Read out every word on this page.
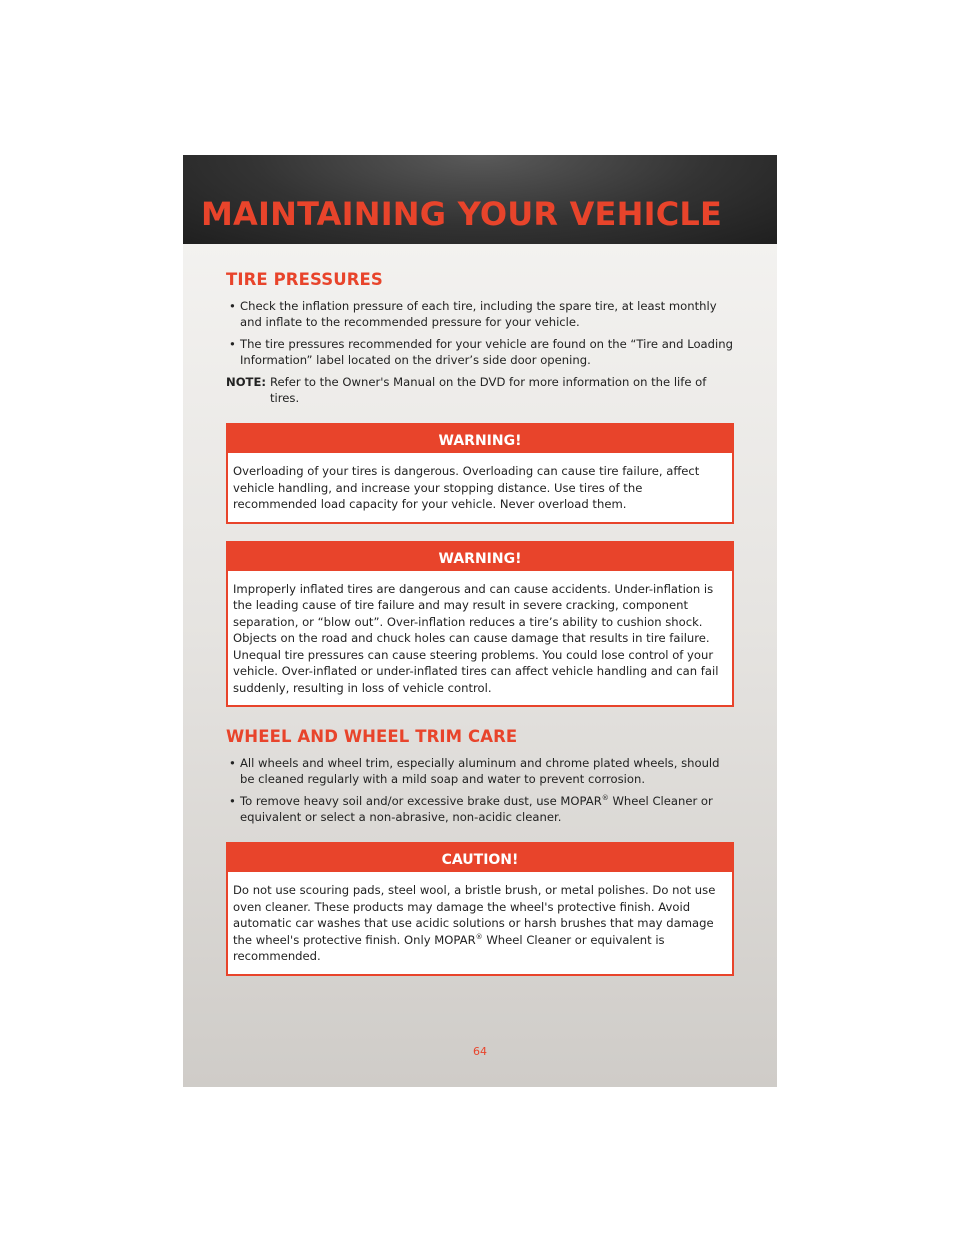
MAINTAINING YOUR VEHICLE
TIRE PRESSURES
• Check the inflation pressure of each tire, including the spare tire, at least monthly and inflate to the recommended pressure for your vehicle.
• The tire pressures recommended for your vehicle are found on the “Tire and Loading Information” label located on the driver’s side door opening.
NOTE: Refer to the Owner's Manual on the DVD for more information on the life of tires.
WARNING!
Overloading of your tires is dangerous. Overloading can cause tire failure, affect vehicle handling, and increase your stopping distance. Use tires of the recommended load capacity for your vehicle. Never overload them.
WARNING!
Improperly inflated tires are dangerous and can cause accidents. Under-inflation is the leading cause of tire failure and may result in severe cracking, component separation, or “blow out”. Over-inflation reduces a tire’s ability to cushion shock. Objects on the road and chuck holes can cause damage that results in tire failure. Unequal tire pressures can cause steering problems. You could lose control of your vehicle. Over-inflated or under-inflated tires can affect vehicle handling and can fail suddenly, resulting in loss of vehicle control.
WHEEL AND WHEEL TRIM CARE
• All wheels and wheel trim, especially aluminum and chrome plated wheels, should be cleaned regularly with a mild soap and water to prevent corrosion.
• To remove heavy soil and/or excessive brake dust, use MOPAR® Wheel Cleaner or equivalent or select a non-abrasive, non-acidic cleaner.
CAUTION!
Do not use scouring pads, steel wool, a bristle brush, or metal polishes. Do not use oven cleaner. These products may damage the wheel's protective finish. Avoid automatic car washes that use acidic solutions or harsh brushes that may damage the wheel's protective finish. Only MOPAR® Wheel Cleaner or equivalent is recommended.
64
